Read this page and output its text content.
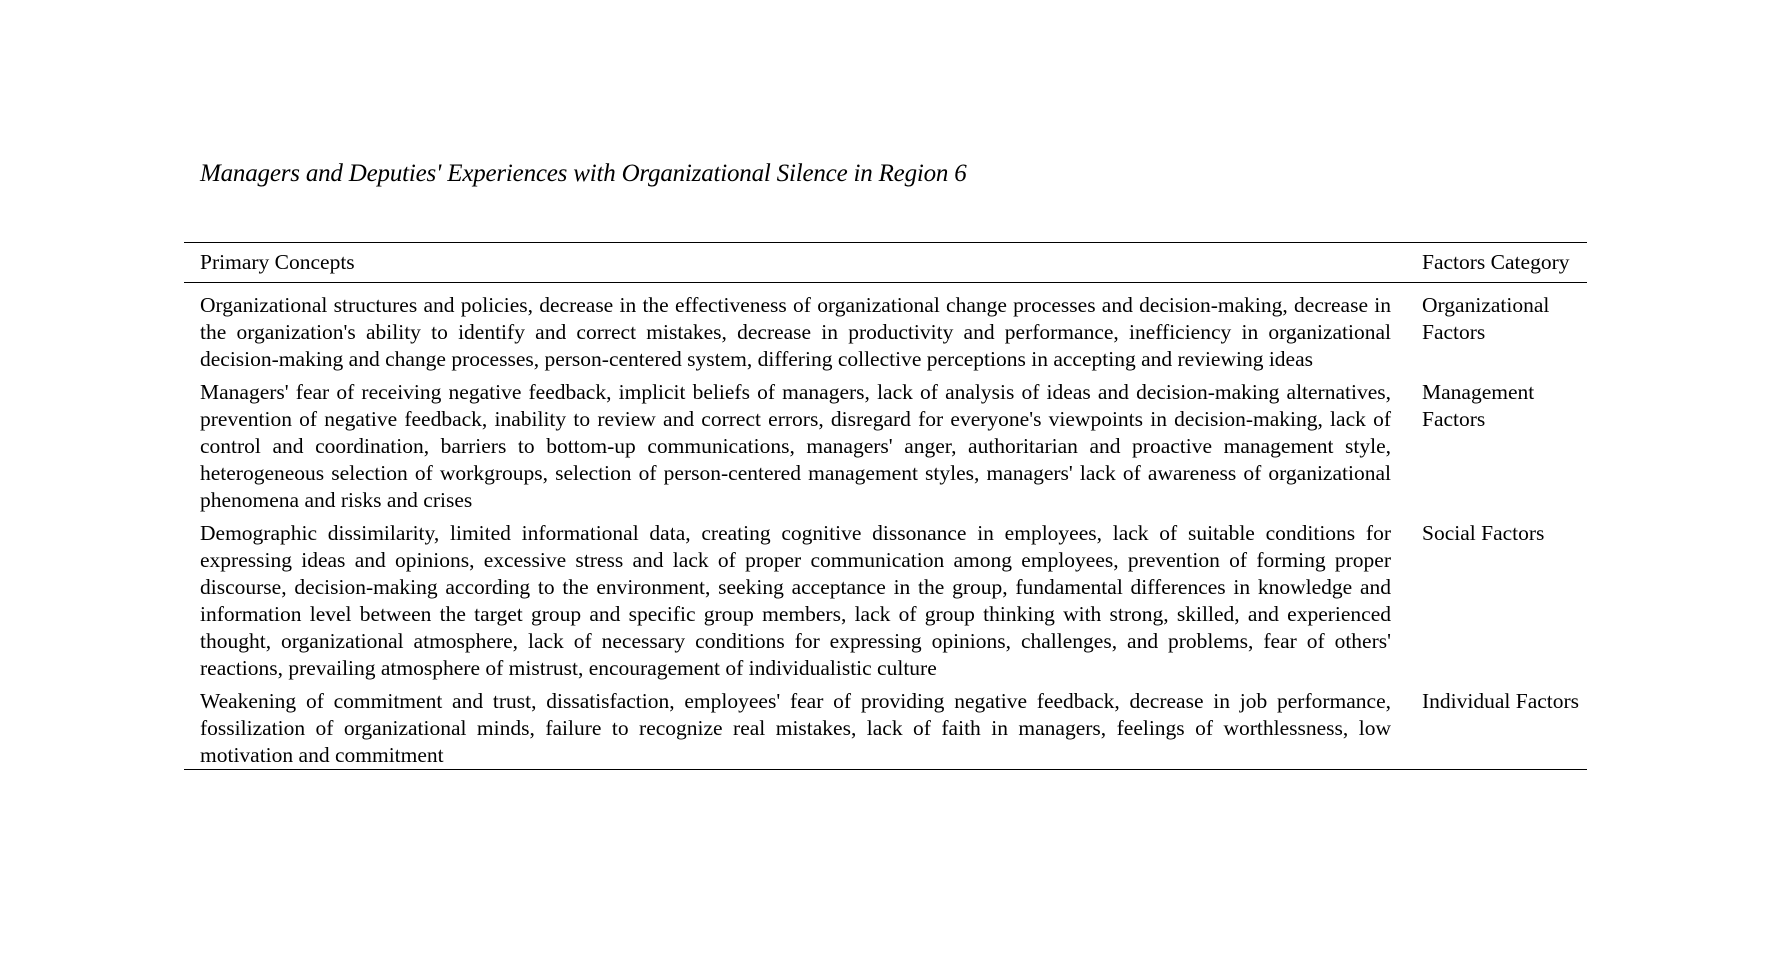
Managers and Deputies' Experiences with Organizational Silence in Region 6
Primary Concepts	Factors Category
Organizational structures and policies, decrease in the effectiveness of organizational change processes and decision-making, decrease in the organization's ability to identify and correct mistakes, decrease in productivity and performance, inefficiency in organizational decision-making and change processes, person-centered system, differing collective perceptions in accepting and reviewing ideas	Organizational Factors
Managers' fear of receiving negative feedback, implicit beliefs of managers, lack of analysis of ideas and decision-making alternatives, prevention of negative feedback, inability to review and correct errors, disregard for everyone's viewpoints in decision-making, lack of control and coordination, barriers to bottom-up communications, managers' anger, authoritarian and proactive management style, heterogeneous selection of workgroups, selection of person-centered management styles, managers' lack of awareness of organizational phenomena and risks and crises	Management Factors
Demographic dissimilarity, limited informational data, creating cognitive dissonance in employees, lack of suitable conditions for expressing ideas and opinions, excessive stress and lack of proper communication among employees, prevention of forming proper discourse, decision-making according to the environment, seeking acceptance in the group, fundamental differences in knowledge and information level between the target group and specific group members, lack of group thinking with strong, skilled, and experienced thought, organizational atmosphere, lack of necessary conditions for expressing opinions, challenges, and problems, fear of others' reactions, prevailing atmosphere of mistrust, encouragement of individualistic culture	Social Factors
Weakening of commitment and trust, dissatisfaction, employees' fear of providing negative feedback, decrease in job performance, fossilization of organizational minds, failure to recognize real mistakes, lack of faith in managers, feelings of worthlessness, low motivation and commitment	Individual Factors
